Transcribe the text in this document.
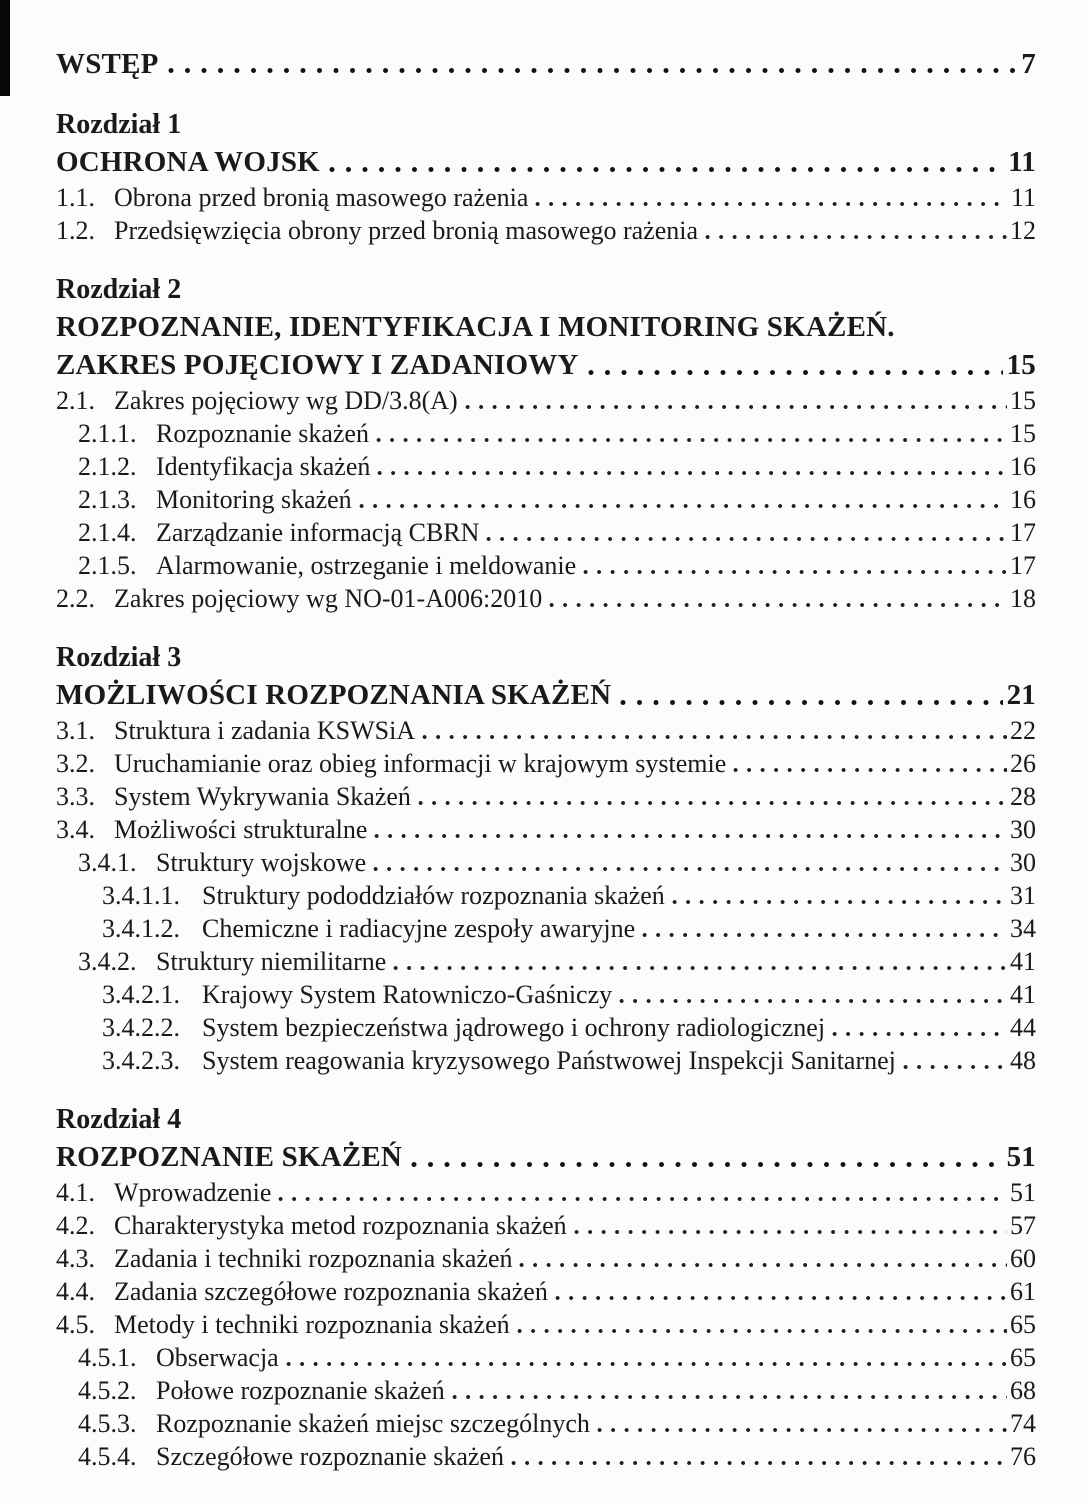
WSTĘP	7
Rozdział 1
OCHRONA WOJSK	11
1.1. Obrona przed bronią masowego rażenia	11
1.2. Przedsięwzięcia obrony przed bronią masowego rażenia	12
Rozdział 2
ROZPOZNANIE, IDENTYFIKACJA I MONITORING SKAŻEŃ.
ZAKRES POJĘCIOWY I ZADANIOWY	15
2.1. Zakres pojęciowy wg DD/3.8(A)	15
2.1.1. Rozpoznanie skażeń	15
2.1.2. Identyfikacja skażeń	16
2.1.3. Monitoring skażeń	16
2.1.4. Zarządzanie informacją CBRN	17
2.1.5. Alarmowanie, ostrzeganie i meldowanie	17
2.2. Zakres pojęciowy wg NO-01-A006:2010	18
Rozdział 3
MOŻLIWOŚCI ROZPOZNANIA SKAŻEŃ	21
3.1. Struktura i zadania KSWSiA	22
3.2. Uruchamianie oraz obieg informacji w krajowym systemie	26
3.3. System Wykrywania Skażeń	28
3.4. Możliwości strukturalne	30
3.4.1. Struktury wojskowe	30
3.4.1.1. Struktury pododdziałów rozpoznania skażeń	31
3.4.1.2. Chemiczne i radiacyjne zespoły awaryjne	34
3.4.2. Struktury niemilitarne	41
3.4.2.1. Krajowy System Ratowniczo-Gaśniczy	41
3.4.2.2. System bezpieczeństwa jądrowego i ochrony radiologicznej	44
3.4.2.3. System reagowania kryzysowego Państwowej Inspekcji Sanitarnej	48
Rozdział 4
ROZPOZNANIE SKAŻEŃ	51
4.1. Wprowadzenie	51
4.2. Charakterystyka metod rozpoznania skażeń	57
4.3. Zadania i techniki rozpoznania skażeń	60
4.4. Zadania szczegółowe rozpoznania skażeń	61
4.5. Metody i techniki rozpoznania skażeń	65
4.5.1. Obserwacja	65
4.5.2. Połowe rozpoznanie skażeń	68
4.5.3. Rozpoznanie skażeń miejsc szczególnych	74
4.5.4. Szczegółowe rozpoznanie skażeń	76
